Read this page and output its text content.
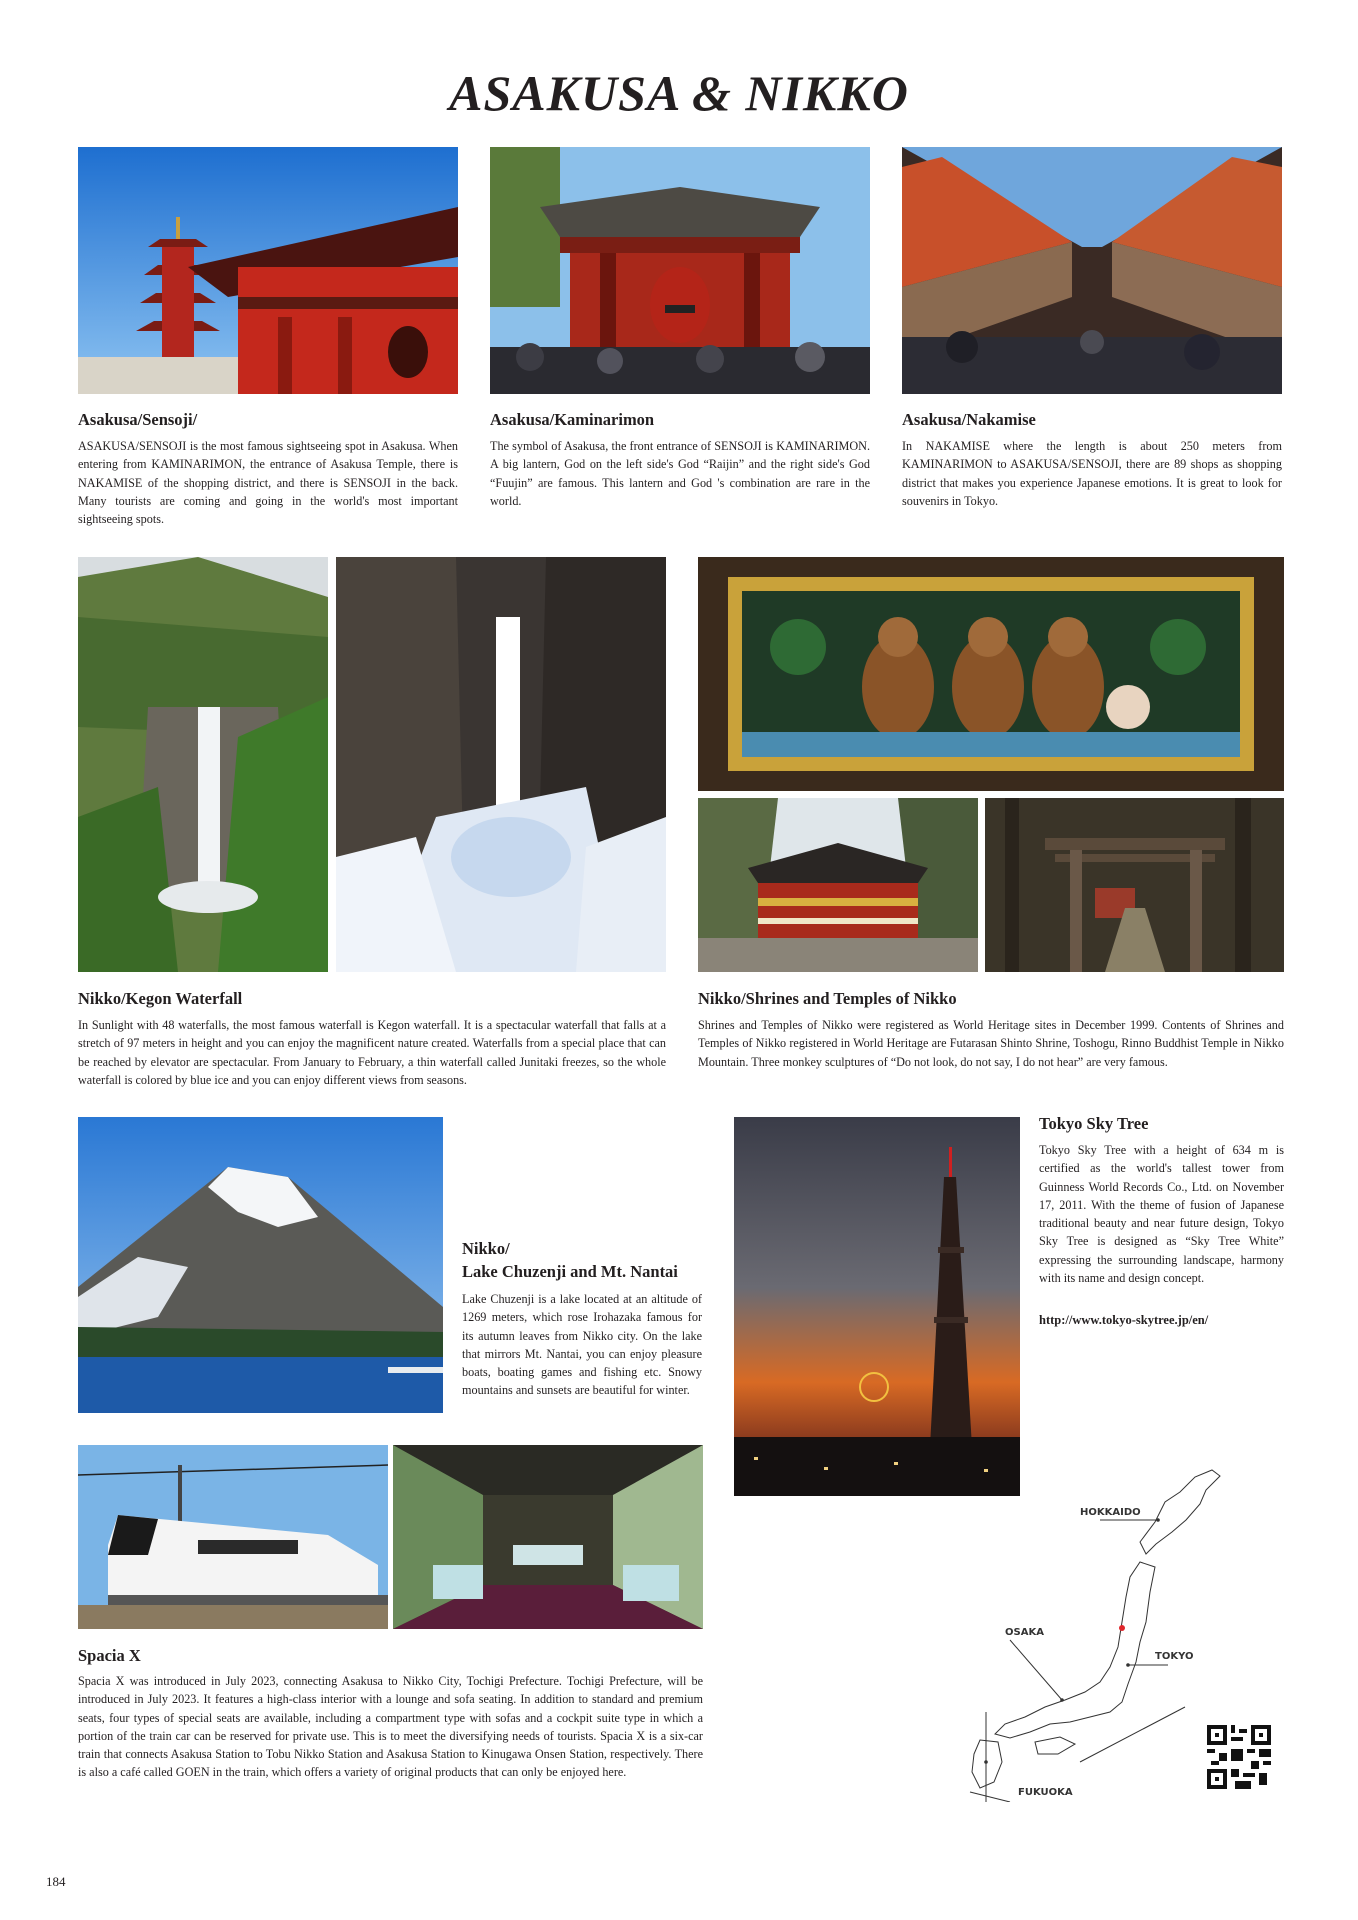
ASAKUSA & NIKKO
Asakusa/Sensoji/

ASAKUSA/SENSOJI is the most famous sightseeing spot in Asakusa. When entering from KAMINARIMON, the entrance of Asakusa Temple, there is NAKAMISE of the shopping district, and there is SENSOJI in the back. Many tourists are coming and going in the world's most important sightseeing spots.

Asakusa/Kaminarimon

The symbol of Asakusa, the front entrance of SENSOJI is KAMINARIMON. A big lantern, God on the left side's God “Raijin” and the right side's God “Fuujin” are famous. This lantern and God 's combination are rare in the world.

Asakusa/Nakamise

In NAKAMISE where the length is about 250 meters from KAMINARIMON to ASAKUSA/SENSOJI, there are 89 shops as shopping district that makes you experience Japanese emotions. It is great to look for souvenirs in Tokyo.

Nikko/Kegon Waterfall

In Sunlight with 48 waterfalls, the most famous waterfall is Kegon waterfall. It is a spectacular waterfall that falls at a stretch of 97 meters in height and you can enjoy the magnificent nature created. Waterfalls from a special place that can be reached by elevator are spectacular. From January to February, a thin waterfall called Junitaki freezes, so the whole waterfall is colored by blue ice and you can enjoy different views from seasons.

Nikko/Shrines and Temples of Nikko

Shrines and Temples of Nikko were registered as World Heritage sites in December 1999. Contents of Shrines and Temples of Nikko registered in World Heritage are Futarasan Shinto Shrine, Toshogu, Rinno Buddhist Temple in Nikko Mountain. Three monkey sculptures of “Do not look, do not say, I do not hear” are very famous.

Nikko/
Lake Chuzenji and Mt. Nantai

Lake Chuzenji is a lake located at an altitude of 1269 meters, which rose Irohazaka famous for its autumn leaves from Nikko city. On the lake that mirrors Mt. Nantai, you can enjoy pleasure boats, boating games and fishing etc. Snowy mountains and sunsets are beautiful for winter.

Tokyo Sky Tree

Tokyo Sky Tree with a height of 634 m is certified as the world's tallest tower from Guinness World Records Co., Ltd. on November 17, 2011. With the theme of fusion of Japanese traditional beauty and near future design, Tokyo Sky Tree is designed as “Sky Tree White” expressing the surrounding landscape, harmony with its name and design concept.

http://www.tokyo-skytree.jp/en/

Spacia X

Spacia X was introduced in July 2023, connecting Asakusa to Nikko City, Tochigi Prefecture. Tochigi Prefecture, will be introduced in July 2023. It features a high-class interior with a lounge and sofa seating. In addition to standard and premium seats, four types of special seats are available, including a compartment type with sofas and a cockpit suite type in which a portion of the train car can be reserved for private use. This is to meet the diversifying needs of tourists. Spacia X is a six-car train that connects Asakusa Station to Tobu Nikko Station and Asakusa Station to Kinugawa Onsen Station, respectively. There is also a café called GOEN in the train, which offers a variety of original products that can only be enjoyed here.

HOKKAIDO
OSAKA
TOKYO
FUKUOKA
184
